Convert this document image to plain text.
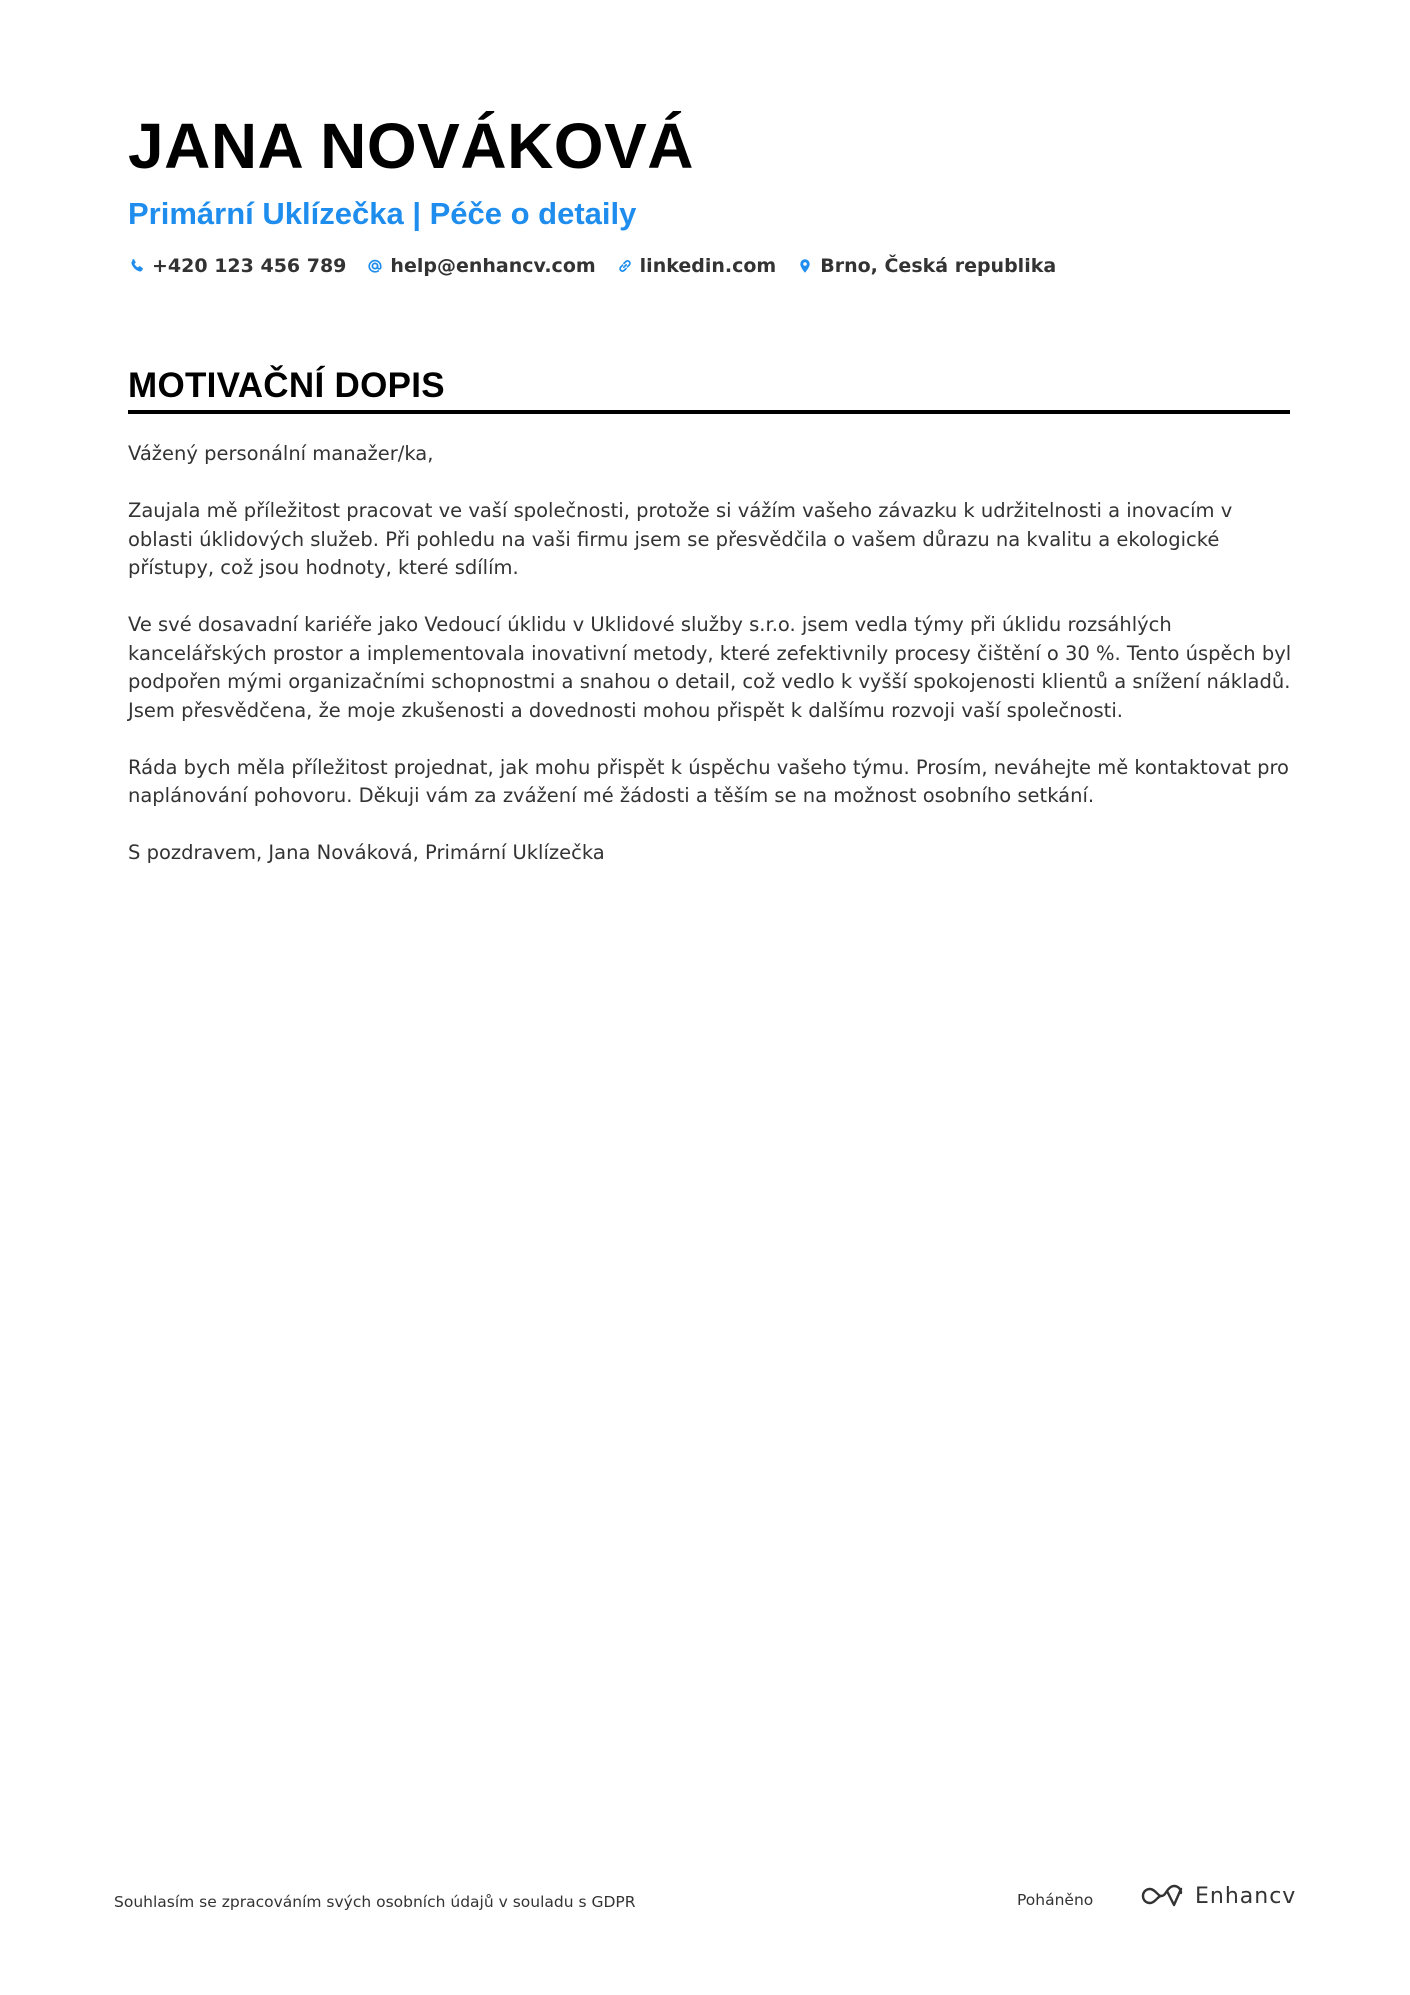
JANA NOVÁKOVÁ
Primární Uklízečka | Péče o detaily
+420 123 456 789 help@enhancv.com linkedin.com Brno, Česká republika
MOTIVAČNÍ DOPIS

Vážený personální manažer/ka,

Zaujala mě příležitost pracovat ve vaší společnosti, protože si vážím vašeho závazku k udržitelnosti a inovacím v oblasti úklidových služeb. Při pohledu na vaši firmu jsem se přesvědčila o vašem důrazu na kvalitu a ekologické přístupy, což jsou hodnoty, které sdílím.

Ve své dosavadní kariéře jako Vedoucí úklidu v Uklidové služby s.r.o. jsem vedla týmy při úklidu rozsáhlých kancelářských prostor a implementovala inovativní metody, které zefektivnily procesy čištění o 30 %. Tento úspěch byl podpořen mými organizačními schopnostmi a snahou o detail, což vedlo k vyšší spokojenosti klientů a snížení nákladů. Jsem přesvědčena, že moje zkušenosti a dovednosti mohou přispět k dalšímu rozvoji vaší společnosti.

Ráda bych měla příležitost projednat, jak mohu přispět k úspěchu vašeho týmu. Prosím, neváhejte mě kontaktovat pro naplánování pohovoru. Děkuji vám za zvážení mé žádosti a těším se na možnost osobního setkání.

S pozdravem, Jana Nováková, Primární Uklízečka

Souhlasím se zpracováním svých osobních údajů v souladu s GDPR	Poháněno	Enhancv
